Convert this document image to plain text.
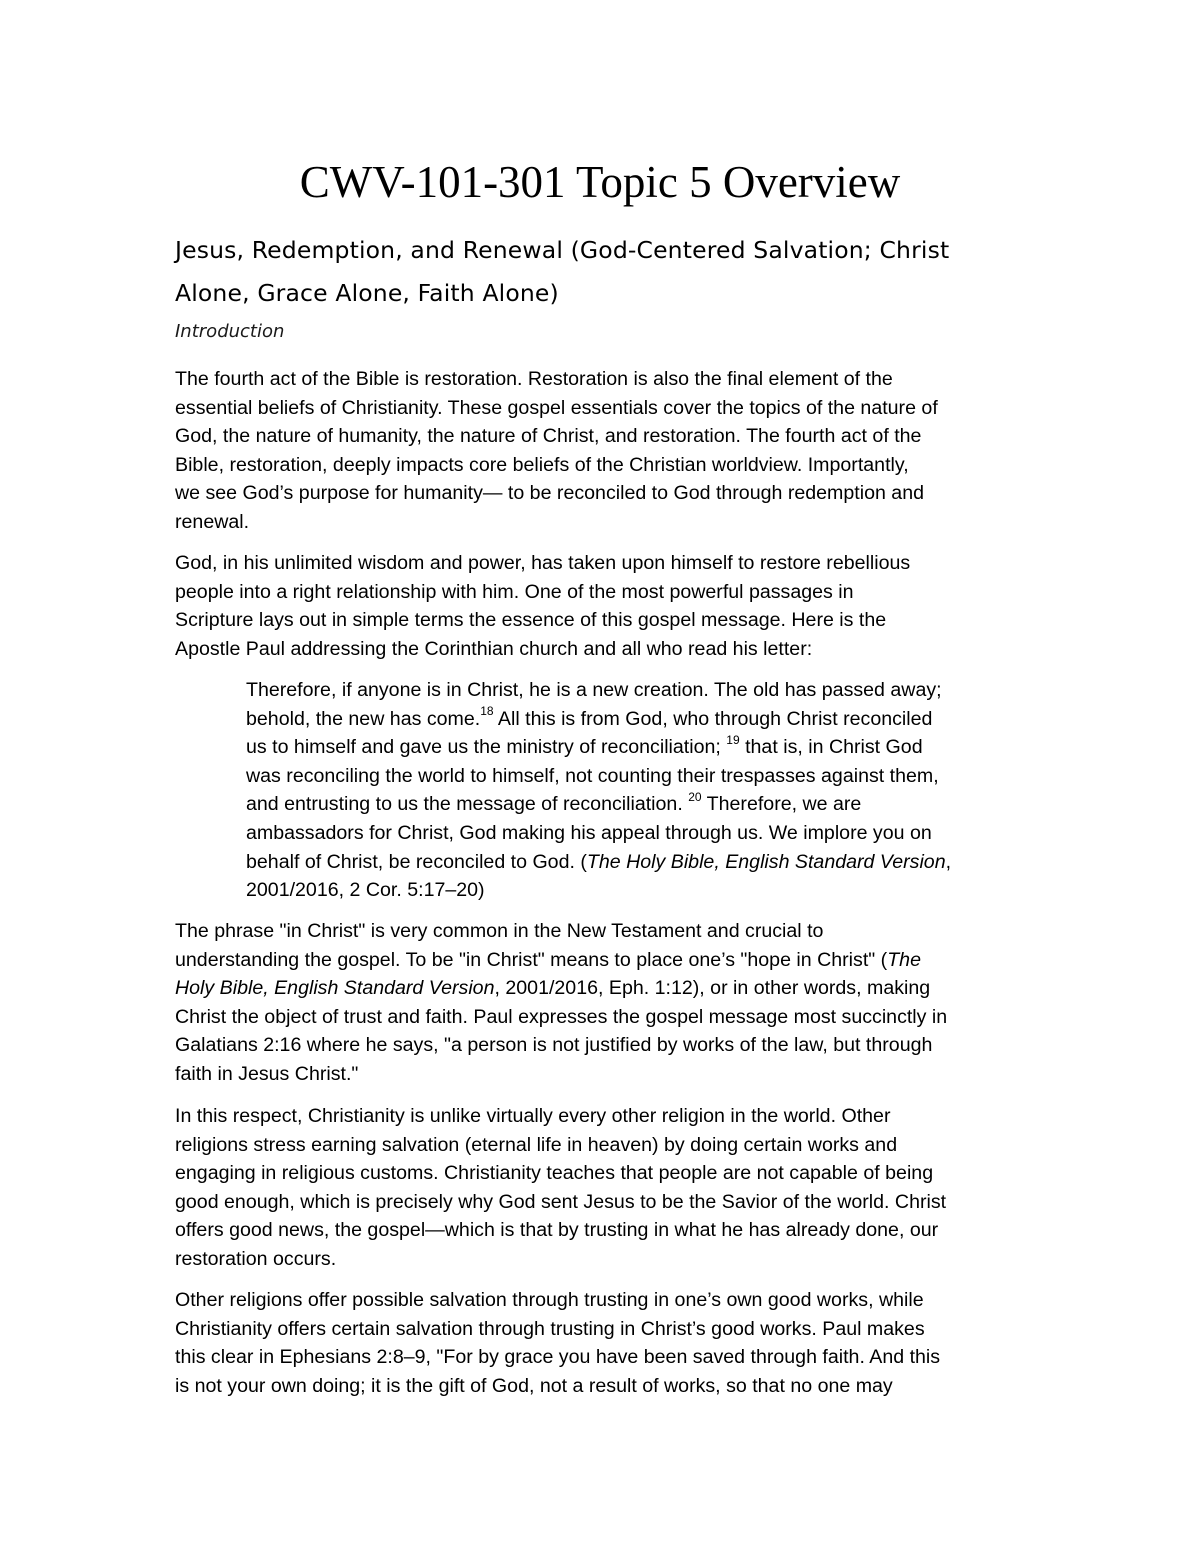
CWV-101-301 Topic 5 Overview
Jesus, Redemption, and Renewal (God-Centered Salvation; Christ
Alone, Grace Alone, Faith Alone)
Introduction
The fourth act of the Bible is restoration. Restoration is also the final element of the
essential beliefs of Christianity. These gospel essentials cover the topics of the nature of
God, the nature of humanity, the nature of Christ, and restoration. The fourth act of the
Bible, restoration, deeply impacts core beliefs of the Christian worldview. Importantly,
we see God’s purpose for humanity— to be reconciled to God through redemption and
renewal.
God, in his unlimited wisdom and power, has taken upon himself to restore rebellious
people into a right relationship with him. One of the most powerful passages in
Scripture lays out in simple terms the essence of this gospel message. Here is the
Apostle Paul addressing the Corinthian church and all who read his letter:
Therefore, if anyone is in Christ, he is a new creation. The old has passed away;
behold, the new has come.$^{18}$ All this is from God, who through Christ reconciled
us to himself and gave us the ministry of reconciliation; $^{19}$ that is, in Christ God
was reconciling the world to himself, not counting their trespasses against them,
and entrusting to us the message of reconciliation. $^{20}$ Therefore, we are
ambassadors for Christ, God making his appeal through us. We implore you on
behalf of Christ, be reconciled to God. (The Holy Bible, English Standard Version,
2001/2016, 2 Cor. 5:17–20)
The phrase "in Christ" is very common in the New Testament and crucial to
understanding the gospel. To be "in Christ" means to place one’s "hope in Christ" (The
Holy Bible, English Standard Version, 2001/2016, Eph. 1:12), or in other words, making
Christ the object of trust and faith. Paul expresses the gospel message most succinctly in
Galatians 2:16 where he says, "a person is not justified by works of the law, but through
faith in Jesus Christ."
In this respect, Christianity is unlike virtually every other religion in the world. Other
religions stress earning salvation (eternal life in heaven) by doing certain works and
engaging in religious customs. Christianity teaches that people are not capable of being
good enough, which is precisely why God sent Jesus to be the Savior of the world. Christ
offers good news, the gospel—which is that by trusting in what he has already done, our
restoration occurs.
Other religions offer possible salvation through trusting in one’s own good works, while
Christianity offers certain salvation through trusting in Christ’s good works. Paul makes
this clear in Ephesians 2:8–9, "For by grace you have been saved through faith. And this
is not your own doing; it is the gift of God, not a result of works, so that no one may
